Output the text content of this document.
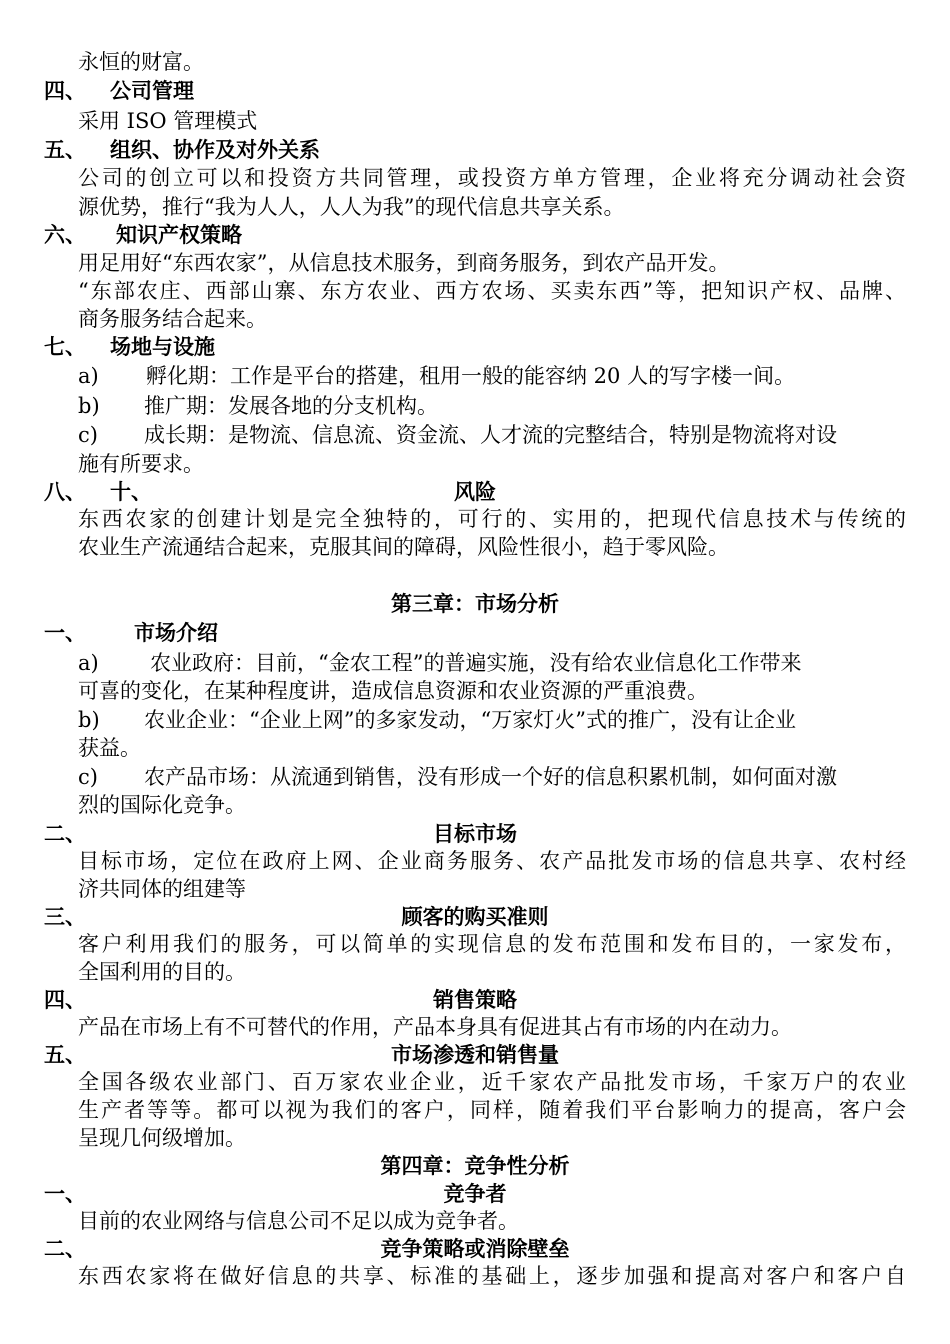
永恒的财富。
四、 公司管理
采用 ISO 管理模式
五、 组织、协作及对外关系
公司的创立可以和投资方共同管理，或投资方单方管理，企业将充分调动社会资
源优势，推行“我为人人，人人为我”的现代信息共享关系。
六、 知识产权策略
用足用好“东西农家”，从信息技术服务，到商务服务，到农产品开发。
“东部农庄、西部山寨、东方农业、西方农场、买卖东西”等，把知识产权、品牌、
商务服务结合起来。
七、 场地与设施
a) 孵化期：工作是平台的搭建，租用一般的能容纳 20 人的写字楼一间。
b) 推广期：发展各地的分支机构。
c) 成长期：是物流、信息流、资金流、人才流的完整结合，特别是物流将对设
施有所要求。
八、 十、	风险
东西农家的创建计划是完全独特的，可行的、实用的，把现代信息技术与传统的
农业生产流通结合起来，克服其间的障碍，风险性很小，趋于零风险。
第三章：市场分析
一、 市场介绍
a) 农业政府：目前，“金农工程”的普遍实施，没有给农业信息化工作带来
可喜的变化，在某种程度讲，造成信息资源和农业资源的严重浪费。
b) 农业企业：“企业上网”的多家发动，“万家灯火”式的推广，没有让企业
获益。
c) 农产品市场：从流通到销售，没有形成一个好的信息积累机制，如何面对激
烈的国际化竞争。
二、	目标市场
目标市场，定位在政府上网、企业商务服务、农产品批发市场的信息共享、农村经
济共同体的组建等
三、	顾客的购买准则
客户利用我们的服务，可以简单的实现信息的发布范围和发布目的，一家发布，
全国利用的目的。
四、	销售策略
产品在市场上有不可替代的作用，产品本身具有促进其占有市场的内在动力。
五、	市场渗透和销售量
全国各级农业部门、百万家农业企业，近千家农产品批发市场，千家万户的农业
生产者等等。都可以视为我们的客户，同样，随着我们平台影响力的提高，客户会
呈现几何级增加。
第四章：竞争性分析
一、	竞争者
目前的农业网络与信息公司不足以成为竞争者。
二、	竞争策略或消除壁垒
东西农家将在做好信息的共享、标准的基础上，逐步加强和提高对客户和客户自
